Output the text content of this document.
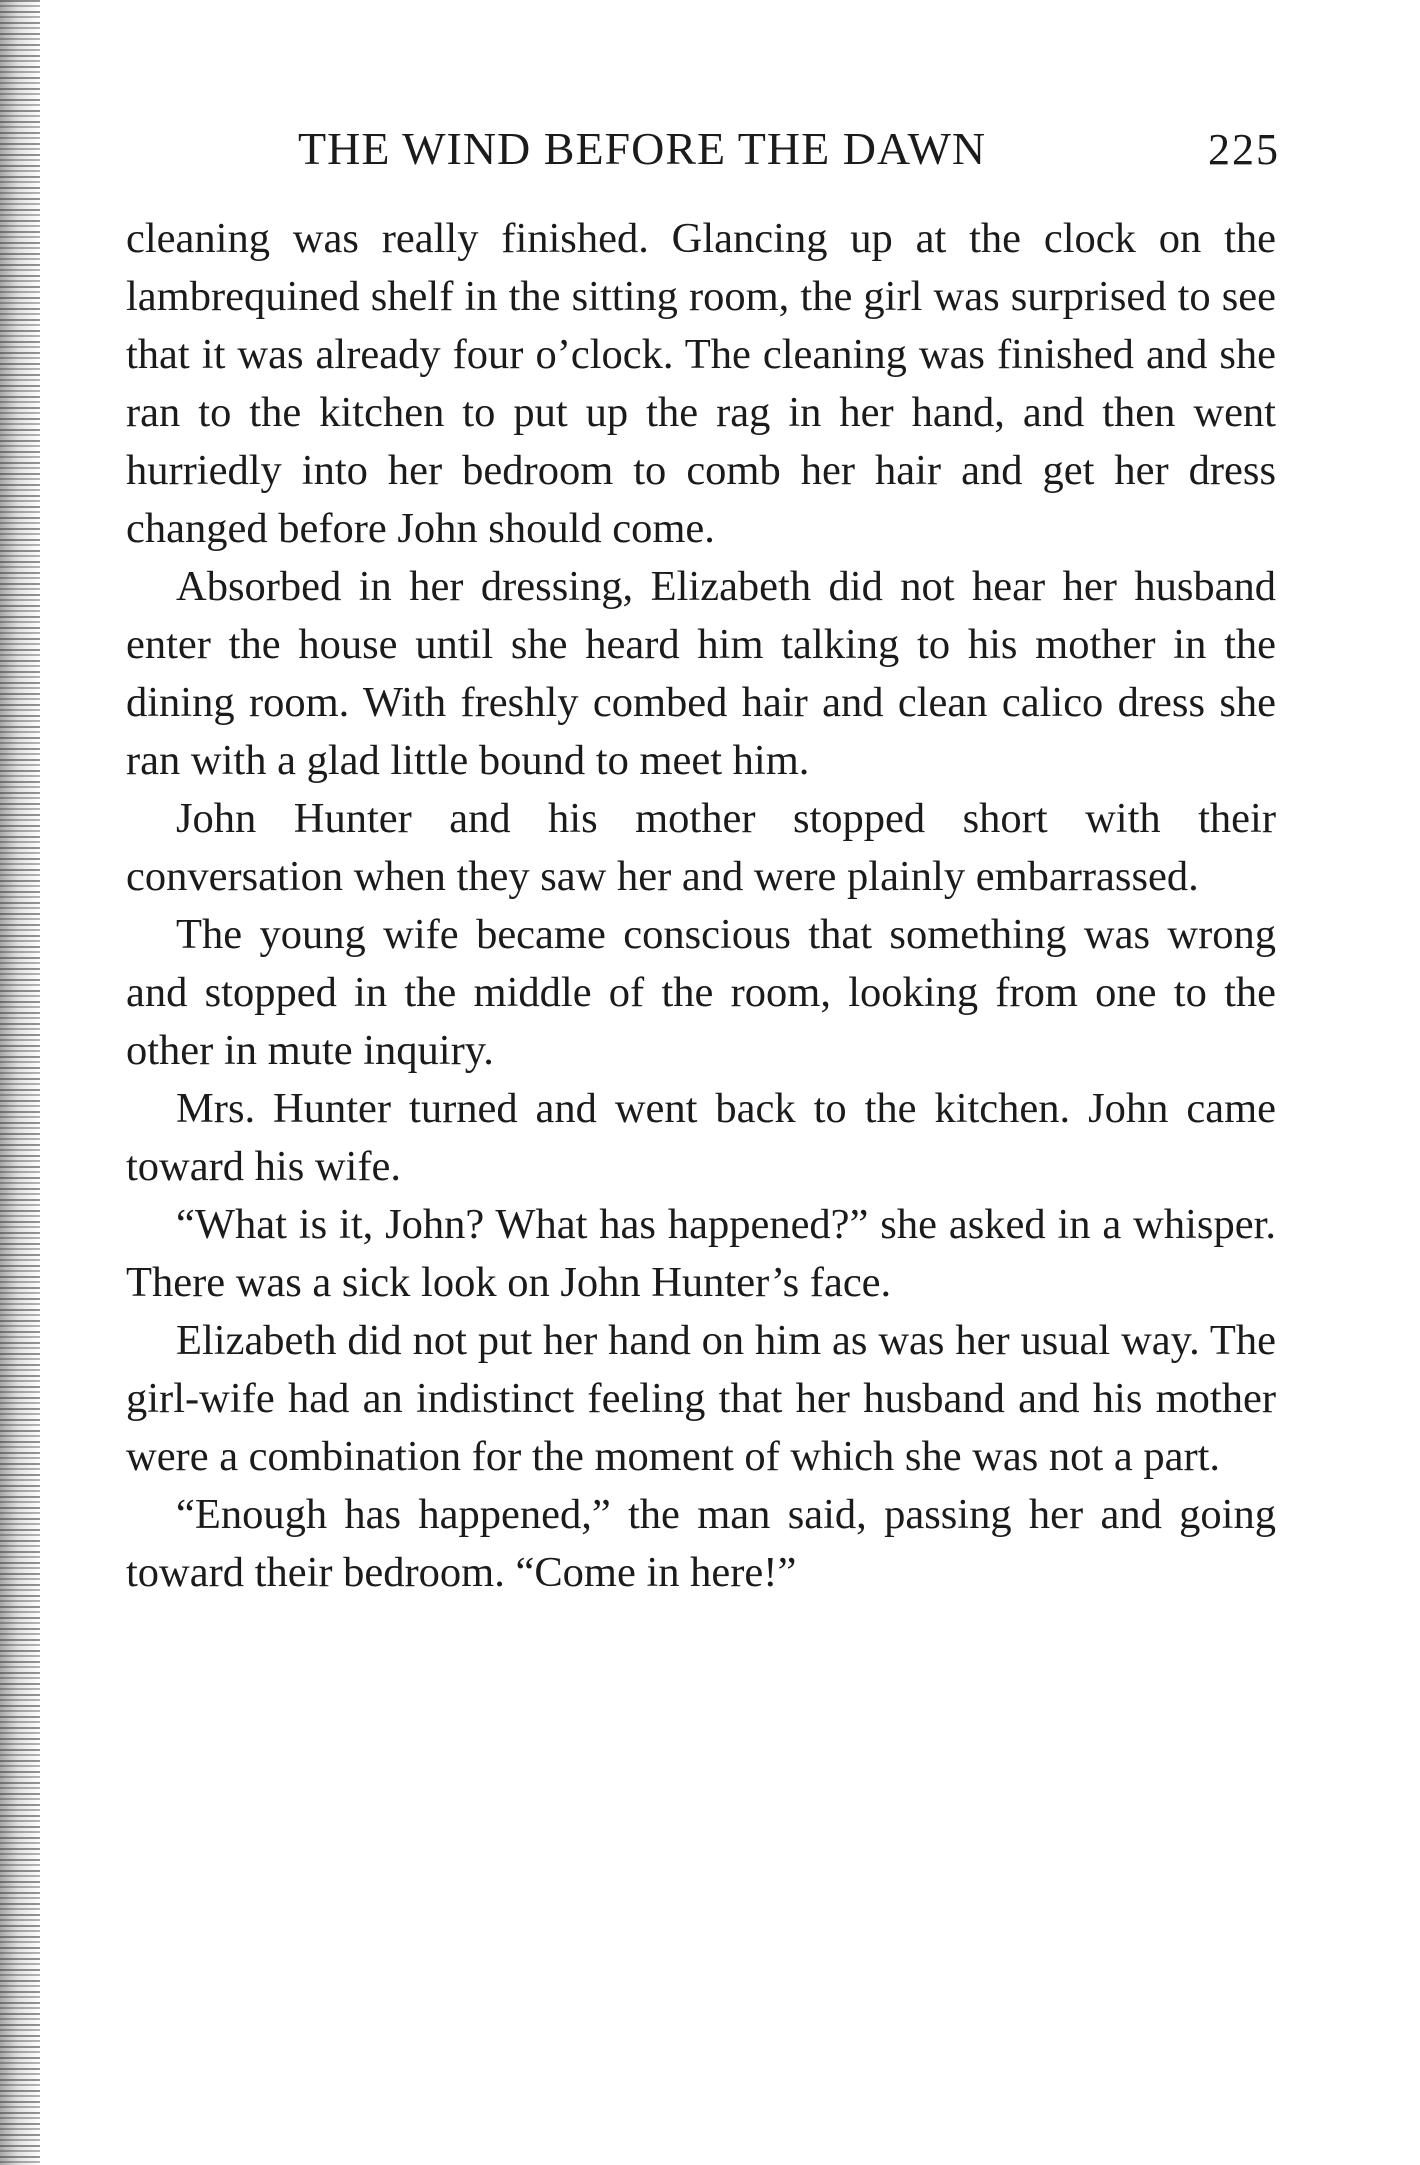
THE WIND BEFORE THE DAWN	225

cleaning was really finished. Glancing up at the clock on the lambrequined shelf in the sitting room, the girl was surprised to see that it was already four o’clock. The cleaning was finished and she ran to the kitchen to put up the rag in her hand, and then went hurriedly into her bedroom to comb her hair and get her dress changed before John should come.

Absorbed in her dressing, Elizabeth did not hear her husband enter the house until she heard him talking to his mother in the dining room. With freshly combed hair and clean calico dress she ran with a glad little bound to meet him.

John Hunter and his mother stopped short with their conversation when they saw her and were plainly embarrassed.

The young wife became conscious that something was wrong and stopped in the middle of the room, looking from one to the other in mute inquiry.

Mrs. Hunter turned and went back to the kitchen. John came toward his wife.

“What is it, John? What has happened?” she asked in a whisper. There was a sick look on John Hunter’s face.

Elizabeth did not put her hand on him as was her usual way. The girl-wife had an indistinct feeling that her husband and his mother were a combination for the moment of which she was not a part.

“Enough has happened,” the man said, passing her and going toward their bedroom. “Come in here!”
